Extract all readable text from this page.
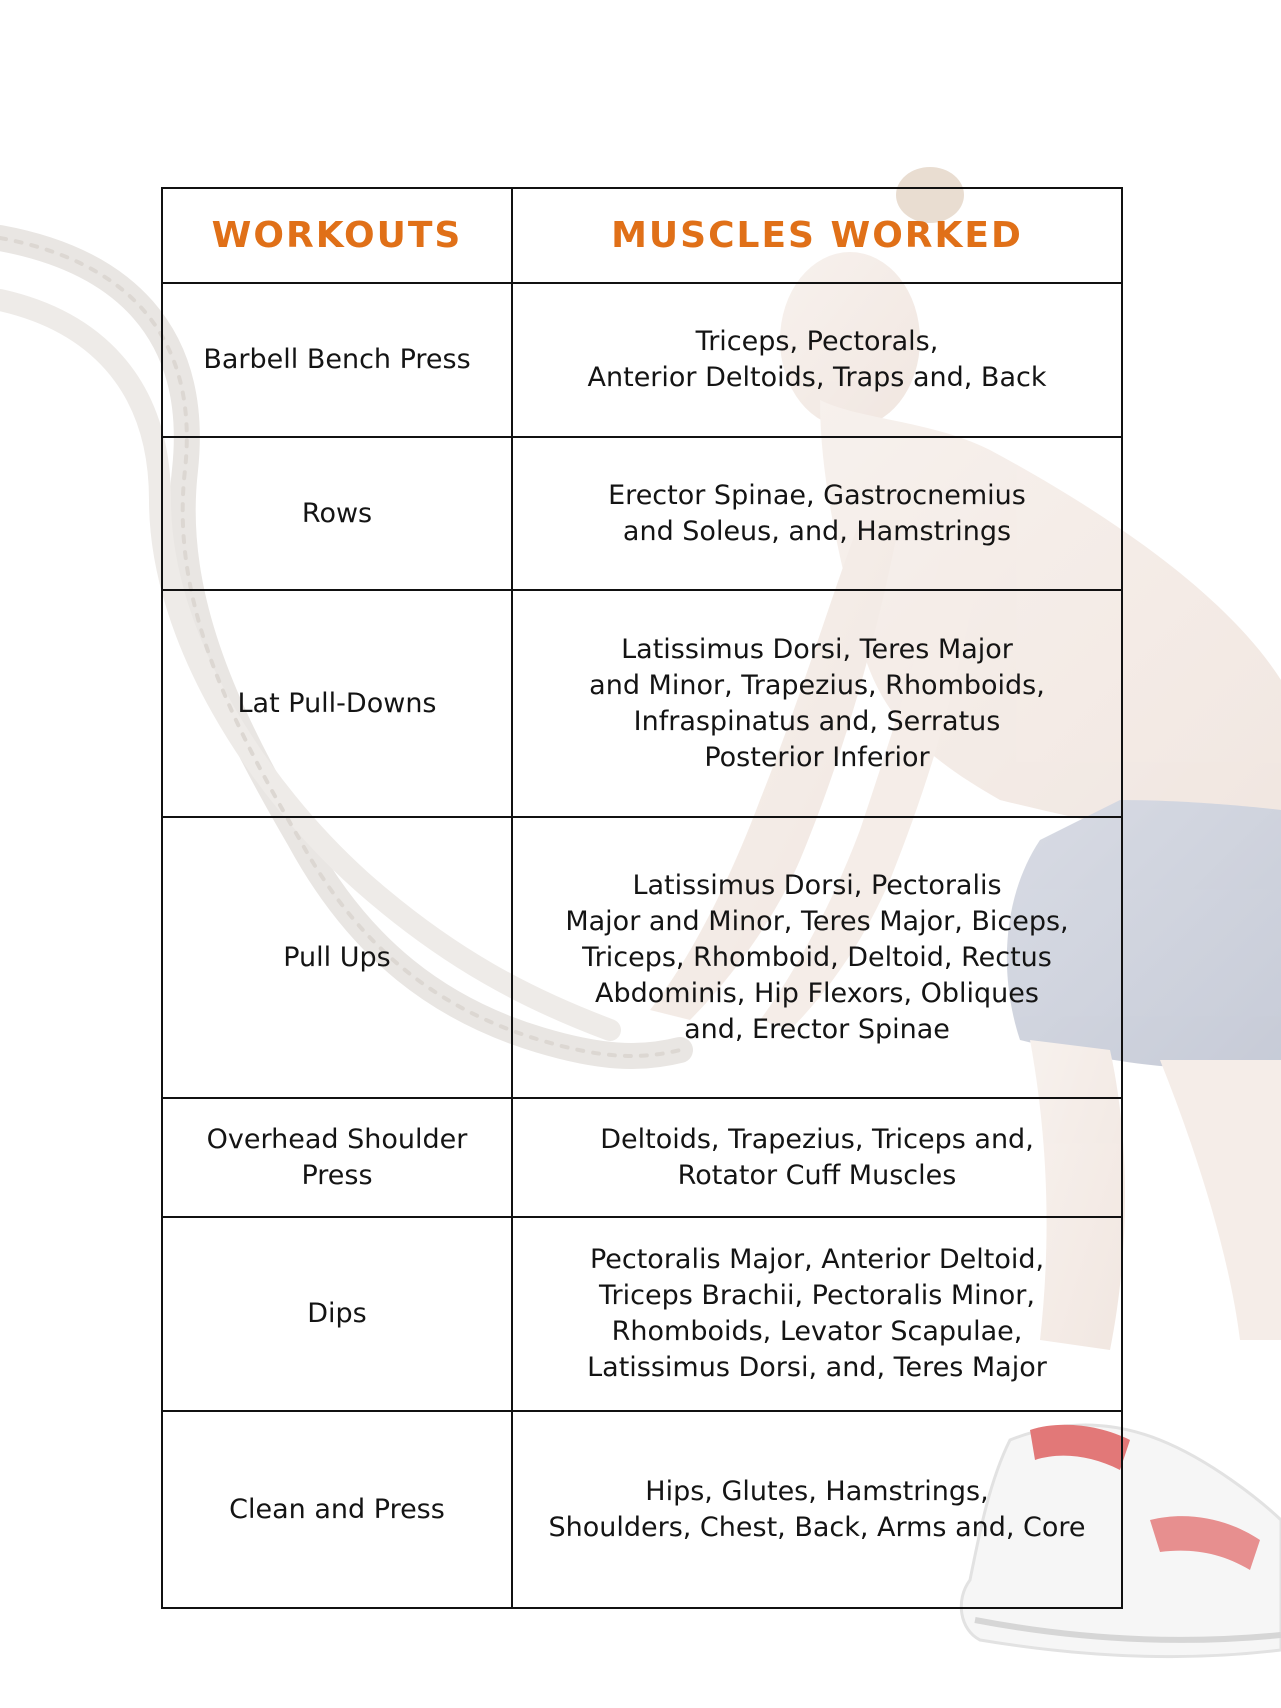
WORKOUTS	MUSCLES WORKED
Barbell Bench Press	Triceps, Pectorals,
Anterior Deltoids, Traps and, Back
Rows	Erector Spinae, Gastrocnemius
and Soleus, and, Hamstrings
Lat Pull-Downs	Latissimus Dorsi, Teres Major
and Minor, Trapezius, Rhomboids,
Infraspinatus and, Serratus
Posterior Inferior
Pull Ups	Latissimus Dorsi, Pectoralis
Major and Minor, Teres Major, Biceps,
Triceps, Rhomboid, Deltoid, Rectus
Abdominis, Hip Flexors, Obliques
and, Erector Spinae
Overhead Shoulder
Press	Deltoids, Trapezius, Triceps and,
Rotator Cuff Muscles
Dips	Pectoralis Major, Anterior Deltoid,
Triceps Brachii, Pectoralis Minor,
Rhomboids, Levator Scapulae,
Latissimus Dorsi, and, Teres Major
Clean and Press	Hips, Glutes, Hamstrings,
Shoulders, Chest, Back, Arms and, Core
